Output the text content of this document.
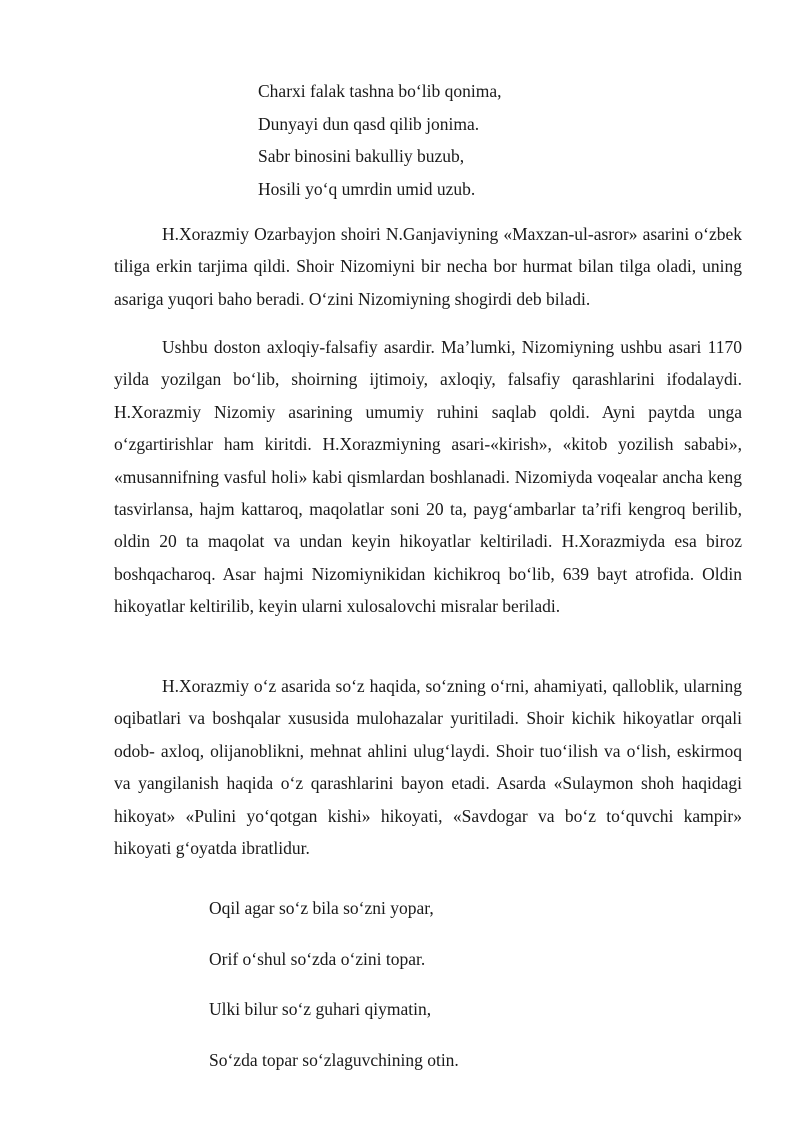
Charxi falak tashna bo‘lib qonima,
Dunyayi dun qasd qilib jonima.
Sabr binosini bakulliy buzub,
Hosili yo‘q umrdin umid uzub.

H.Xorazmiy Ozarbayjon shoiri N.Ganjaviyning «Maxzan-ul-asror» asarini o‘zbek tiliga erkin tarjima qildi. Shoir Nizomiyni bir necha bor hurmat bilan tilga oladi, uning asariga yuqori baho beradi. O‘zini Nizomiyning shogirdi deb biladi.

Ushbu doston axloqiy-falsafiy asardir. Ma’lumki, Nizomiyning ushbu asari 1170 yilda yozilgan bo‘lib, shoirning ijtimoiy, axloqiy, falsafiy qarashlarini ifodalaydi. H.Xorazmiy Nizomiy asarining umumiy ruhini saqlab qoldi. Ayni paytda unga o‘zgartirishlar ham kiritdi. H.Xorazmiyning asari-«kirish», «kitob yozilish sababi», «musannifning vasful holi» kabi qismlardan boshlanadi. Nizomiyda voqealar ancha keng tasvirlansa, hajm kattaroq, maqolatlar soni 20 ta, payg‘ambarlar ta’rifi kengroq berilib, oldin 20 ta maqolat va undan keyin hikoyatlar keltiriladi. H.Xorazmiyda esa biroz boshqacharoq. Asar hajmi Nizomiynikidan kichikroq bo‘lib, 639 bayt atrofida. Oldin hikoyatlar keltirilib, keyin ularni xulosalovchi misralar beriladi.

H.Xorazmiy o‘z asarida so‘z haqida, so‘zning o‘rni, ahamiyati, qalloblik, ularning oqibatlari va boshqalar xususida mulohazalar yuritiladi. Shoir kichik hikoyatlar orqali odob- axloq, olijanoblikni, mehnat ahlini ulug‘laydi. Shoir tuo‘ilish va o‘lish, eskirmoq va yangilanish haqida o‘z qarashlarini bayon etadi. Asarda «Sulaymon shoh haqidagi hikoyat» «Pulini yo‘qotgan kishi» hikoyati, «Savdogar va bo‘z to‘quvchi kampir» hikoyati g‘oyatda ibratlidur.

Oqil agar so‘z bila so‘zni yopar,
Orif o‘shul so‘zda o‘zini topar.
Ulki bilur so‘z guhari qiymatin,
So‘zda topar so‘zlaguvchining otin.
